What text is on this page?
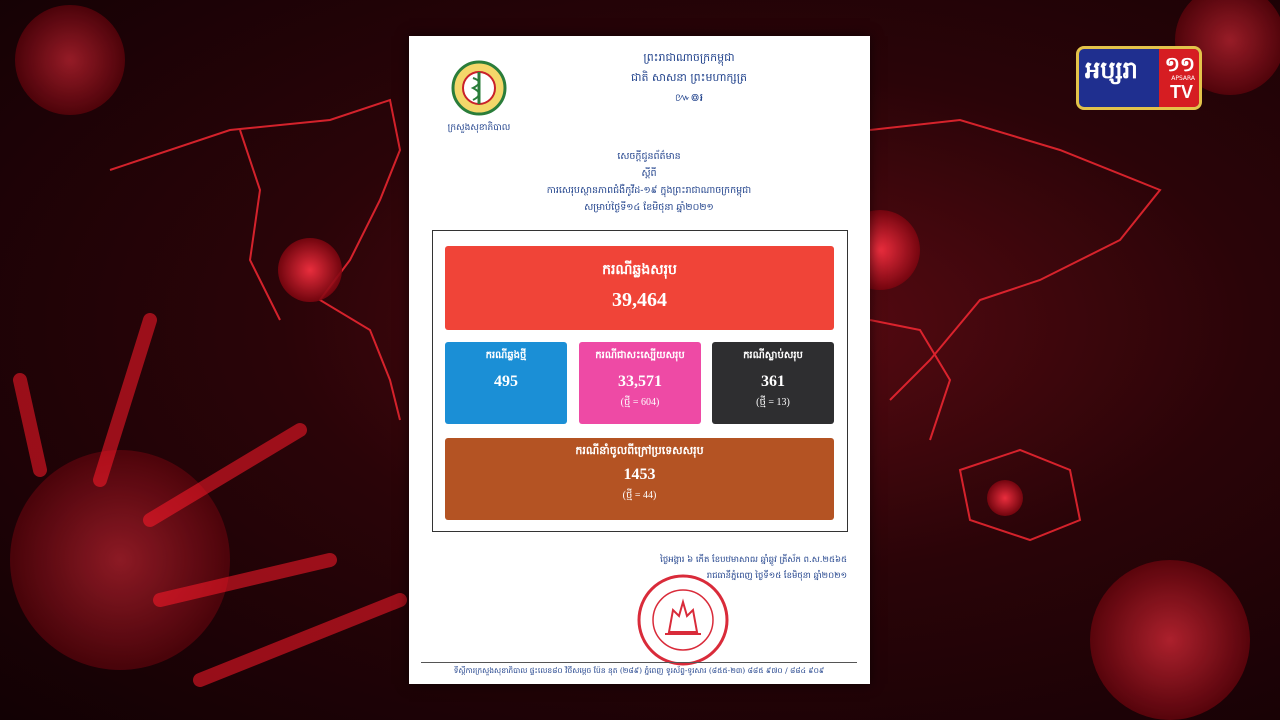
ព្រះរាជាណាចក្រកម្ពុជា
ជាតិ សាសនា ព្រះមហាក្សត្រ
៚៙៛
ក្រសួងសុខាភិបាល
សេចក្តីជូនព័ត៌មាន
ស្តីពី
ការសេរុបស្ថានភាពជំងឺកូវីដ-១៩ ក្នុងព្រះរាជាណាចក្រកម្ពុជា
សម្រាប់ថ្ងៃទី១៤ ខែមិថុនា ឆ្នាំ២០២១
ករណីឆ្លងសរុប
39,464
ករណីឆ្លងថ្មី
495
ករណីជាសះស្បើយសរុប
33,571
(ថ្មី = 604)
ករណីស្លាប់សរុប
361
(ថ្មី = 13)
ករណីនាំចូលពីក្រៅប្រទេសសរុប
1453
(ថ្មី = 44)
ថ្ងៃអង្គារ ៦ កើត ខែបឋមាសាឍ ឆ្នាំឆ្លូវ ត្រីស័ក ព.ស.២៥៦៥
រាជធានីភ្នំពេញ ថ្ងៃទី១៥ ខែមិថុនា ឆ្នាំ២០២១
ទីស្តីការក្រសួងសុខាភិបាល ផ្ទះលេខ៨០ វិថីសម្តេច ប៉ែន នុត (២៨៩) ភ្នំពេញ ទូរស័ព្ទ-ទូរសារ (៨៥៥-២៣) ៨៨៥ ៩៧០ / ៨៨៤ ៩០៩
អប្សរា ១១
APSARA
TV
